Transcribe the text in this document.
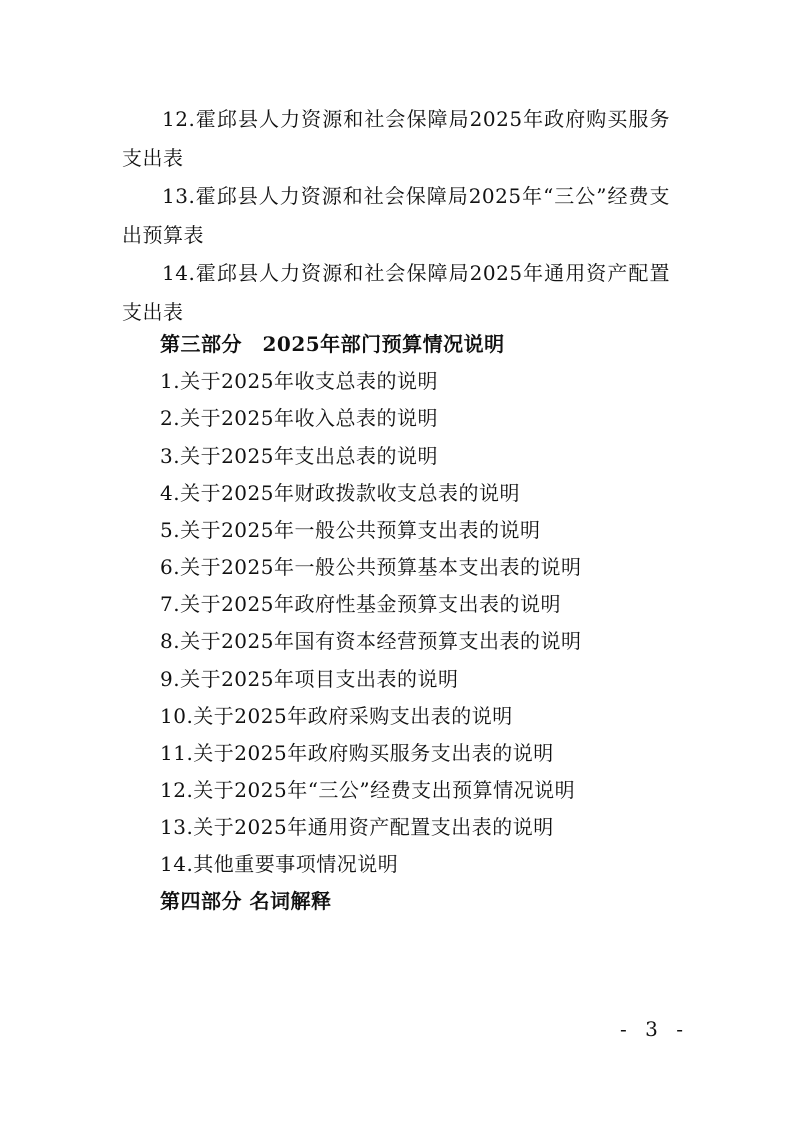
12.霍邱县人力资源和社会保障局2025年政府购买服务支出表
13.霍邱县人力资源和社会保障局2025年“三公”经费支出预算表
14.霍邱县人力资源和社会保障局2025年通用资产配置支出表
第三部分　2025年部门预算情况说明
1.关于2025年收支总表的说明
2.关于2025年收入总表的说明
3.关于2025年支出总表的说明
4.关于2025年财政拨款收支总表的说明
5.关于2025年一般公共预算支出表的说明
6.关于2025年一般公共预算基本支出表的说明
7.关于2025年政府性基金预算支出表的说明
8.关于2025年国有资本经营预算支出表的说明
9.关于2025年项目支出表的说明
10.关于2025年政府采购支出表的说明
11.关于2025年政府购买服务支出表的说明
12.关于2025年“三公”经费支出预算情况说明
13.关于2025年通用资产配置支出表的说明
14.其他重要事项情况说明
第四部分 名词解释
- 3 -
